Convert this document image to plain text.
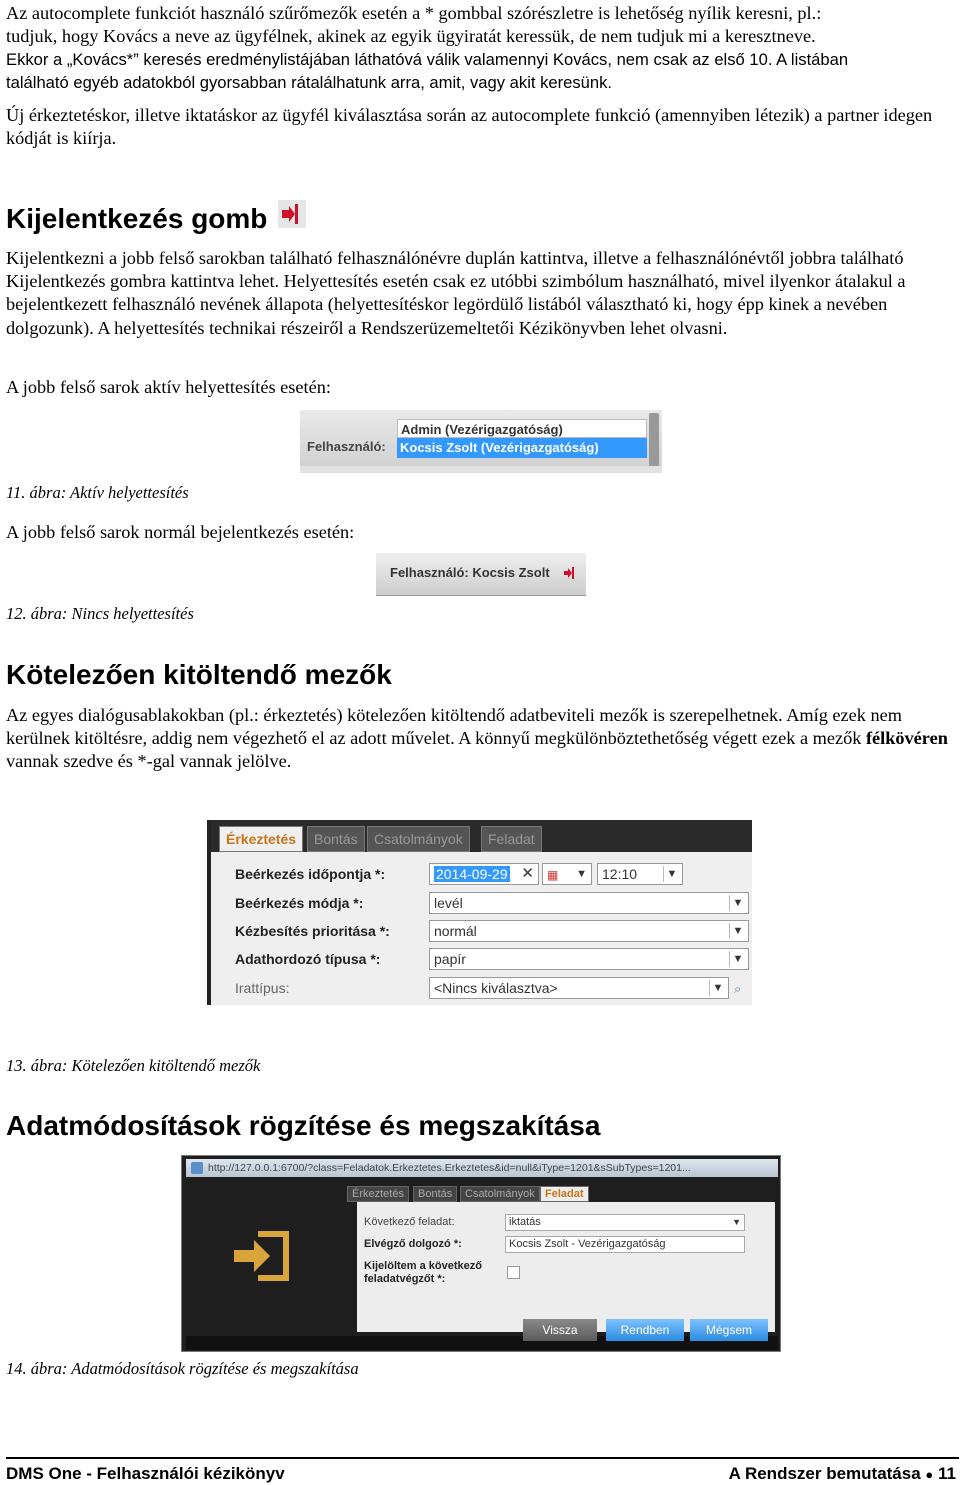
Az autocomplete funkciót használó szűrőmezők esetén a * gombbal szórészletre is lehetőség nyílik keresni, pl.:
tudjuk, hogy Kovács a neve az ügyfélnek, akinek az egyik ügyiratát keressük, de nem tudjuk mi a keresztneve.
Ekkor a „Kovács*” keresés eredménylistájában láthatóvá válik valamennyi Kovács, nem csak az első 10. A listában
található egyéb adatokból gyorsabban rátalálhatunk arra, amit, vagy akit keresünk.

Új érkeztetéskor, illetve iktatáskor az ügyfél kiválasztása során az autocomplete funkció (amennyiben létezik) a partner idegen kódját is kiírja.

Kijelentkezés gomb

Kijelentkezni a jobb felső sarokban található felhasználónévre duplán kattintva, illetve a felhasználónévtől jobbra található Kijelentkezés gombra kattintva lehet. Helyettesítés esetén csak ez utóbbi szimbólum használható, mivel ilyenkor átalakul a bejelentkezett felhasználó nevének állapota (helyettesítéskor legördülő listából választható ki, hogy épp kinek a nevében dolgozunk). A helyettesítés technikai részeiről a Rendszerüzemeltetői Kézikönyvben lehet olvasni.

A jobb felső sarok aktív helyettesítés esetén:

Felhasználó:
Admin (Vezérigazgatóság)
Kocsis Zsolt (Vezérigazgatóság)

11. ábra: Aktív helyettesítés

A jobb felső sarok normál bejelentkezés esetén:

Felhasználó: Kocsis Zsolt

12. ábra: Nincs helyettesítés

Kötelezően kitöltendő mezők

Az egyes dialógusablakokban (pl.: érkeztetés) kötelezően kitöltendő adatbeviteli mezők is szerepelhetnek. Amíg ezek nem kerülnek kitöltésre, addig nem végezhető el az adott művelet. A könnyű megkülönböztethetőség végett ezek a mezők félkövéren vannak szedve és *-gal vannak jelölve.

Érkeztetés	Bontás	Csatolmányok	Feladat
Beérkezés időpontja *:	2014-09-29 ✕	▦ ▼	12:10	▼
Beérkezés módja *:	levél	▼
Kézbesítés prioritása *:	normál	▼
Adathordozó típusa *:	papír	▼
Irattípus:	<Nincs kiválasztva>	▼ ⌕

13. ábra: Kötelezően kitöltendő mezők

Adatmódosítások rögzítése és megszakítása
http://127.0.0.1:6700/?class=Feladatok.Erkeztetes.Erkeztetes&id=null&iType=1201&sSubTypes=1201...
Érkeztetés	Bontás	Csatolmányok Feladat
Következő feladat:	iktatás	▼
Elvégző dolgozó *:	Kocsis Zsolt - Vezérigazgatóság
Kijelöltem a következő feladatvégzőt *:
Vissza	Rendben	Mégsem

14. ábra: Adatmódosítások rögzítése és megszakítása

DMS One - Felhasználói kézikönyv	A Rendszer bemutatása ● 11
